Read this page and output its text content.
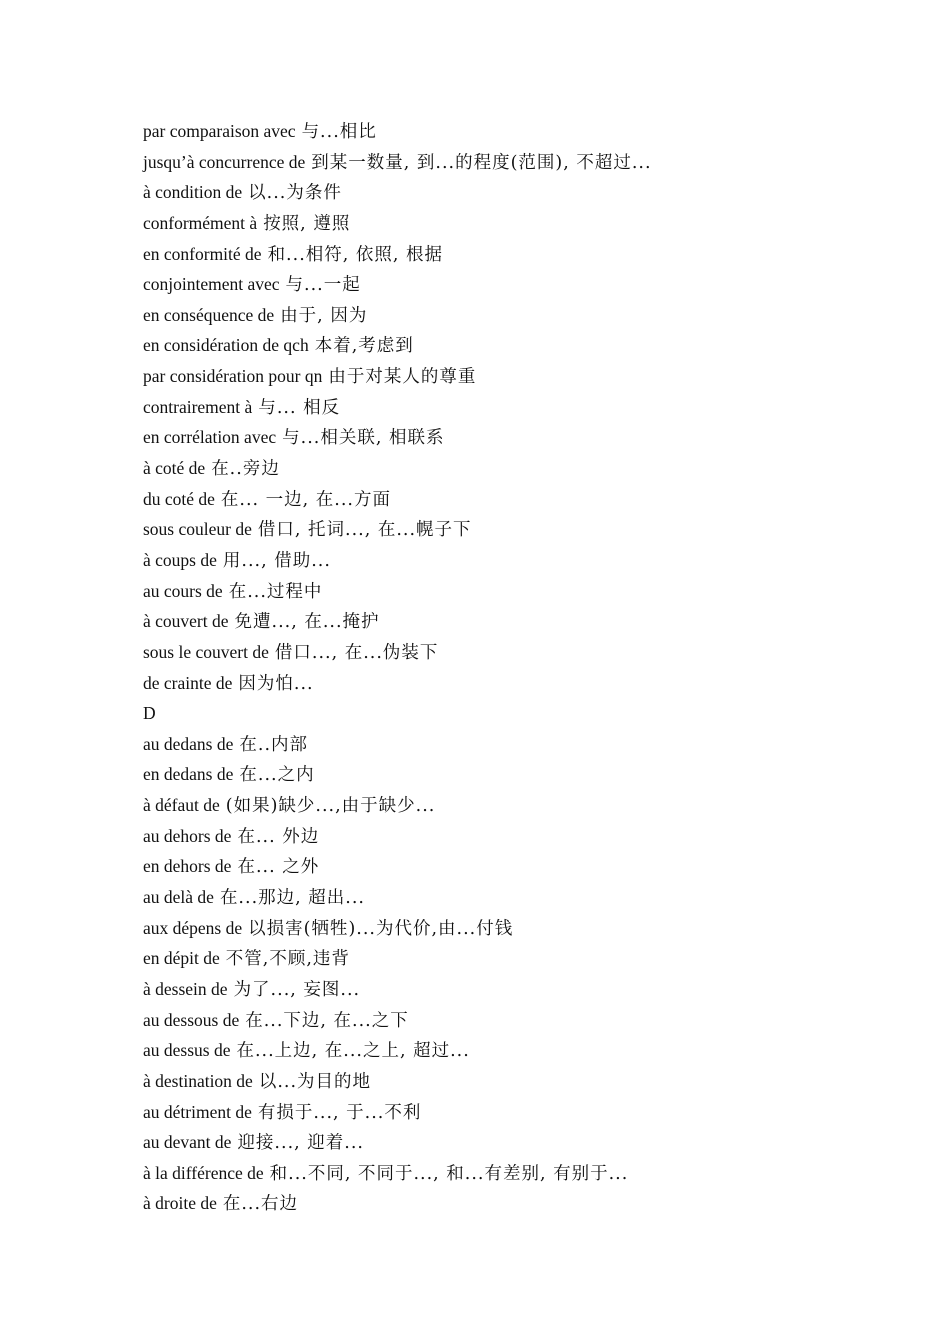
par comparaison avec 与...相比
jusqu’à concurrence de 到某一数量, 到...的程度(范围), 不超过...
à condition de 以...为条件
conformément à 按照, 遵照
en conformité de 和...相符, 依照, 根据
conjointement avec 与...一起
en conséquence de 由于, 因为
en considération de qch 本着,考虑到
par considération pour qn 由于对某人的尊重
contrairement à 与... 相反
en corrélation avec 与...相关联, 相联系
à coté de 在..旁边
du coté de 在... 一边, 在...方面
sous couleur de 借口, 托词..., 在...幌子下
à coups de 用..., 借助...
au cours de 在...过程中
à couvert de 免遭..., 在...掩护
sous le couvert de 借口..., 在...伪装下
de crainte de 因为怕...
D
au dedans de 在..内部
en dedans de 在...之内
à défaut de (如果)缺少...,由于缺少...
au dehors de 在... 外边
en dehors de 在... 之外
au delà de 在...那边, 超出...
aux dépens de 以损害(牺牲)...为代价,由...付钱
en dépit de 不管,不顾,违背
à dessein de 为了..., 妄图...
au dessous de 在...下边, 在...之下
au dessus de 在...上边, 在...之上, 超过...
à destination de 以...为目的地
au détriment de 有损于..., 于...不利
au devant de 迎接..., 迎着...
à la différence de 和...不同, 不同于..., 和...有差别, 有别于...
à droite de 在...右边
